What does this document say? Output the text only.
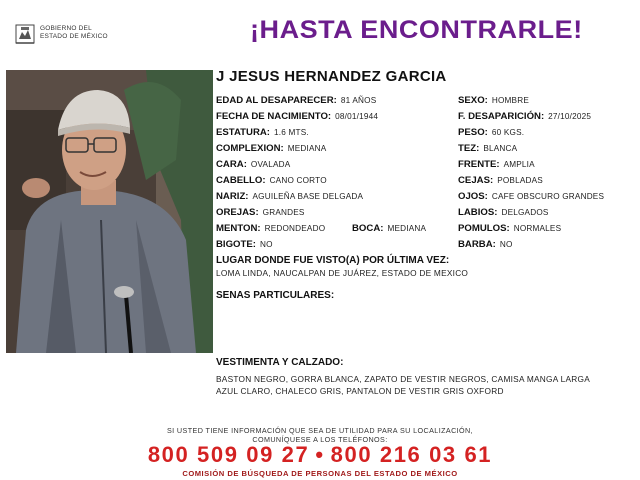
GOBIERNO DEL
ESTADO DE MÉXICO	¡HASTA ENCONTRARLE!
J JESUS HERNANDEZ GARCIA
EDAD AL DESAPARECER: 81 AÑOS
FECHA DE NACIMIENTO: 08/01/1944
ESTATURA: 1.6 MTS.
COMPLEXION: MEDIANA
CARA: OVALADA
CABELLO: CANO CORTO
NARIZ: AGUILEÑA BASE DELGADA
OREJAS: GRANDES
MENTON: REDONDEADO	BOCA: MEDIANA
BIGOTE: NO
SEXO: HOMBRE
F. DESAPARICIÓN: 27/10/2025
PESO: 60 KGS.
TEZ: BLANCA
FRENTE: AMPLIA
CEJAS: POBLADAS
OJOS: CAFE OBSCURO GRANDES
LABIOS: DELGADOS
POMULOS: NORMALES
BARBA: NO
LUGAR DONDE FUE VISTO(A) POR ÚLTIMA VEZ:
LOMA LINDA, NAUCALPAN DE JUÁREZ, ESTADO DE MEXICO
SENAS PARTICULARES:
VESTIMENTA Y CALZADO:
BASTON NEGRO, GORRA BLANCA, ZAPATO DE VESTIR NEGROS, CAMISA MANGA LARGA AZUL CLARO, CHALECO GRIS, PANTALON DE VESTIR GRIS OXFORD
SI USTED TIENE INFORMACIÓN QUE SEA DE UTILIDAD PARA SU LOCALIZACIÓN,
COMUNÍQUESE A LOS TELÉFONOS:
800 509 09 27 • 800 216 03 61
COMISIÓN DE BÚSQUEDA DE PERSONAS DEL ESTADO DE MÉXICO
